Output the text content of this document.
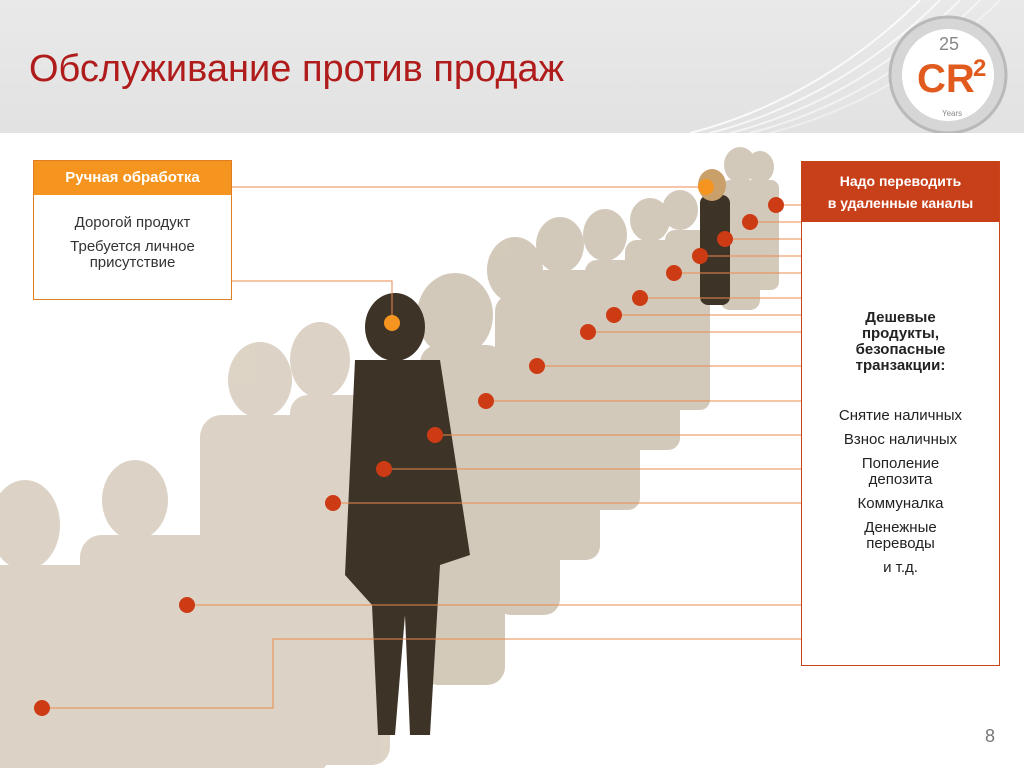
Обслуживание против продаж	CR
2
25
Years
Ручная обработка
Дорогой продукт
Требуется личное
присутствие
Надо переводить
в удаленные каналы
Дешевые
продукты,
безопасные
транзакции:
Снятие наличных
Взнос наличных
Пополение
депозита
Коммуналка
Денежные
переводы
и т.д.
8
